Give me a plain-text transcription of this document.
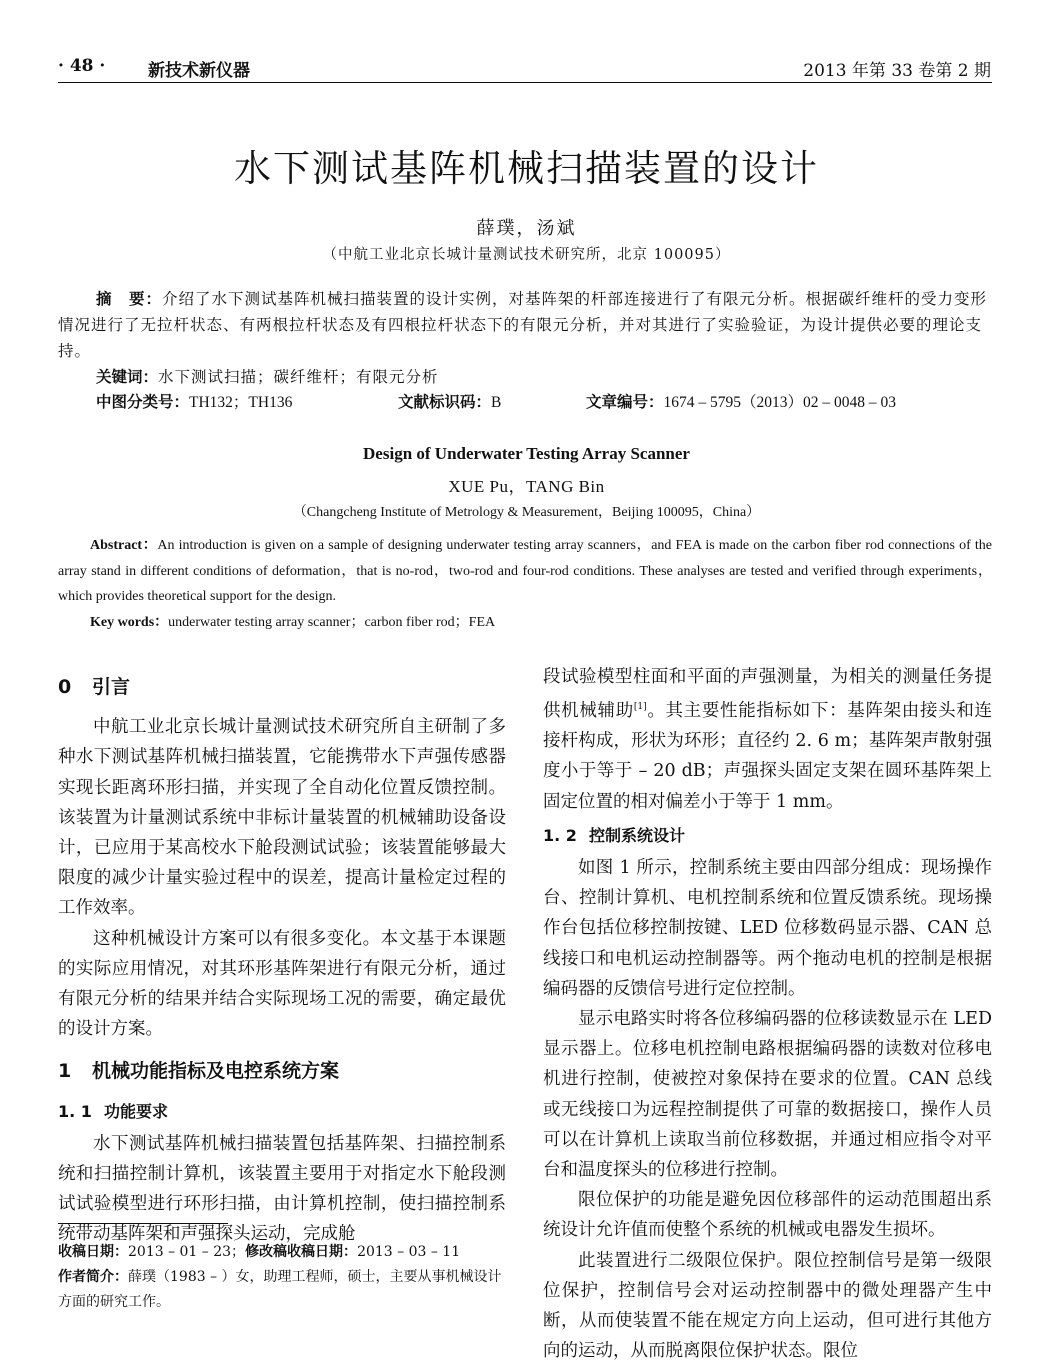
· 48 ·	新技术新仪器	2013 年第 33 卷第 2 期
水下测试基阵机械扫描装置的设计
薛璞，汤斌
（中航工业北京长城计量测试技术研究所，北京 100095）
摘　要：介绍了水下测试基阵机械扫描装置的设计实例，对基阵架的杆部连接进行了有限元分析。根据碳纤维杆的受力变形情况进行了无拉杆状态、有两根拉杆状态及有四根拉杆状态下的有限元分析，并对其进行了实验验证，为设计提供必要的理论支持。
关键词：水下测试扫描；碳纤维杆；有限元分析
中图分类号：TH132；TH136	文献标识码：B	文章编号：1674 – 5795（2013）02 – 0048 – 03
Design of Underwater Testing Array Scanner
XUE Pu，TANG Bin
（Changcheng Institute of Metrology & Measurement，Beijing 100095，China）
Abstract：An introduction is given on a sample of designing underwater testing array scanners，and FEA is made on the carbon fiber rod connections of the array stand in different conditions of deformation，that is no-rod，two-rod and four-rod conditions. These analyses are tested and verified through experiments，which provides theoretical support for the design.
Key words：underwater testing array scanner；carbon fiber rod；FEA
0 引言

中航工业北京长城计量测试技术研究所自主研制了多种水下测试基阵机械扫描装置，它能携带水下声强传感器实现长距离环形扫描，并实现了全自动化位置反馈控制。该装置为计量测试系统中非标计量装置的机械辅助设备设计，已应用于某高校水下舱段测试试验；该装置能够最大限度的减少计量实验过程中的误差，提高计量检定过程的工作效率。

这种机械设计方案可以有很多变化。本文基于本课题的实际应用情况，对其环形基阵架进行有限元分析，通过有限元分析的结果并结合实际现场工况的需要，确定最优的设计方案。

1 机械功能指标及电控系统方案
1. 1 功能要求

水下测试基阵机械扫描装置包括基阵架、扫描控制系统和扫描控制计算机，该装置主要用于对指定水下舱段测试试验模型进行环形扫描，由计算机控制，使扫描控制系统带动基阵架和声强探头运动，完成舱

收稿日期：2013 – 01 – 23；修改稿收稿日期：2013 – 03 – 11
作者简介：薛璞（1983 – ）女，助理工程师，硕士，主要从事机械设计方面的研究工作。

段试验模型柱面和平面的声强测量，为相关的测量任务提供机械辅助[1]。其主要性能指标如下：基阵架由接头和连接杆构成，形状为环形；直径约 2. 6 m；基阵架声散射强度小于等于 – 20 dB；声强探头固定支架在圆环基阵架上固定位置的相对偏差小于等于 1 mm。

1. 2 控制系统设计

如图 1 所示，控制系统主要由四部分组成：现场操作台、控制计算机、电机控制系统和位置反馈系统。现场操作台包括位移控制按键、LED 位移数码显示器、CAN 总线接口和电机运动控制器等。两个拖动电机的控制是根据编码器的反馈信号进行定位控制。

显示电路实时将各位移编码器的位移读数显示在 LED 显示器上。位移电机控制电路根据编码器的读数对位移电机进行控制，使被控对象保持在要求的位置。CAN 总线或无线接口为远程控制提供了可靠的数据接口，操作人员可以在计算机上读取当前位移数据，并通过相应指令对平台和温度探头的位移进行控制。

限位保护的功能是避免因位移部件的运动范围超出系统设计允许值而使整个系统的机械或电器发生损坏。

此装置进行二级限位保护。限位控制信号是第一级限位保护，控制信号会对运动控制器中的微处理器产生中断，从而使装置不能在规定方向上运动，但可进行其他方向的运动，从而脱离限位保护状态。限位
